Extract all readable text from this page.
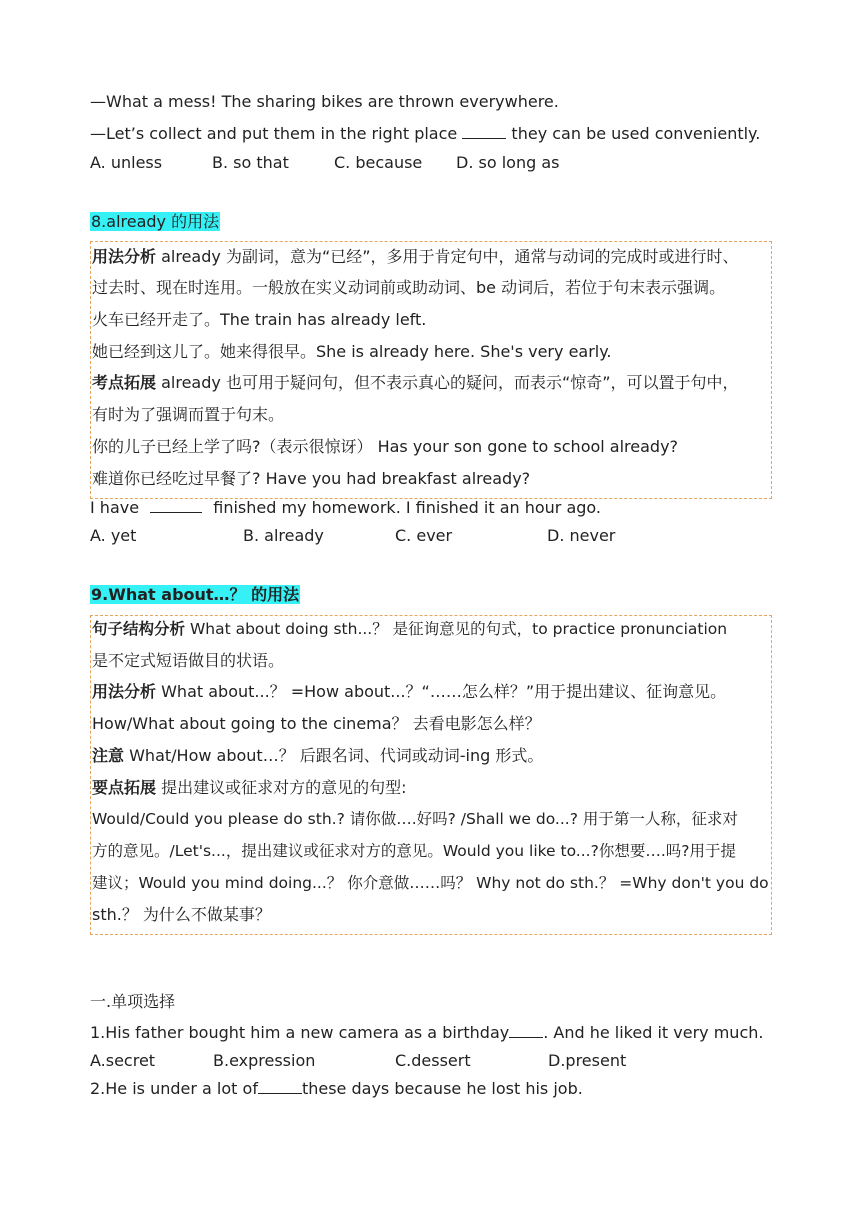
—What a mess! The sharing bikes are thrown everywhere.
—Let’s collect and put them in the right place	they can be used conveniently.
A. unless	B. so that	C. because D. so long as
8.already 的用法
用法分析 already 为副词，意为“已经”，多用于肯定句中，通常与动词的完成时或进行时、
过去时、现在时连用。一般放在实义动词前或助动词、be 动词后，若位于句末表示强调。
火车已经开走了。The train has already left.
她已经到这儿了。她来得很早。She is already here. She's very early.
考点拓展 already 也可用于疑问句，但不表示真心的疑问，而表示“惊奇”，可以置于句中，
有时为了强调而置于句末。
你的儿子已经上学了吗?（表示很惊讶） Has your son gone to school already?
难道你已经吃过早餐了? Have you had breakfast already?
I have	finished my homework. I finished it an hour ago.
A. yet	B. already	C. ever	D. never
9.What about…？ 的用法
句子结构分析 What about doing sth...？ 是征询意见的句式，to practice pronunciation
是不定式短语做目的状语。
用法分析 What about...？ =How about...？“……怎么样？”用于提出建议、征询意见。
How/What about going to the cinema？ 去看电影怎么样？
注意 What/How about…？ 后跟名词、代词或动词-ing 形式。
要点拓展 提出建议或征求对方的意见的句型:
Would/Could you please do sth.? 请你做….好吗? /Shall we do...? 用于第一人称，征求对
方的意见。/Let's...，提出建议或征求对方的意见。Would you like to...?你想要….吗?用于提
建议；Would you mind doing...？ 你介意做……吗？ Why not do sth.？ =Why don't you do
sth.？ 为什么不做某事？
一.单项选择
1.His father bought him a new camera as a birthday . And he liked it very much.
A.secret	B.expression	C.dessert	D.present
2.He is under a lot of	these days because he lost his job.
